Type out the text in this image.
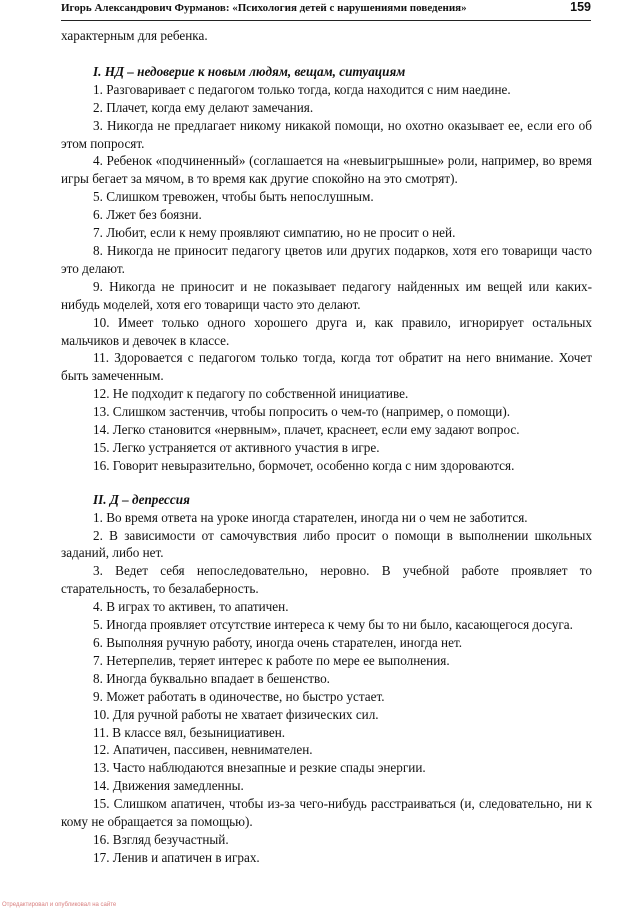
Игорь Александрович Фурманов: «Психология детей с нарушениями поведения»	159

характерным для ребенка.

I. НД – недоверие к новым людям, вещам, ситуациям

1. Разговаривает с педагогом только тогда, когда находится с ним наедине.

2. Плачет, когда ему делают замечания.

3. Никогда не предлагает никому никакой помощи, но охотно оказывает ее, если его об этом попросят.

4. Ребенок «подчиненный» (соглашается на «невыигрышные» роли, например, во время игры бегает за мячом, в то время как другие спокойно на это смотрят).

5. Слишком тревожен, чтобы быть непослушным.

6. Лжет без боязни.

7. Любит, если к нему проявляют симпатию, но не просит о ней.

8. Никогда не приносит педагогу цветов или других подарков, хотя его товарищи часто это делают.

9. Никогда не приносит и не показывает педагогу найденных им вещей или каких-нибудь моделей, хотя его товарищи часто это делают.

10. Имеет только одного хорошего друга и, как правило, игнорирует остальных мальчиков и девочек в классе.

11. Здоровается с педагогом только тогда, когда тот обратит на него внимание. Хочет быть замеченным.

12. Не подходит к педагогу по собственной инициативе.

13. Слишком застенчив, чтобы попросить о чем-то (например, о помощи).

14. Легко становится «нервным», плачет, краснеет, если ему задают вопрос.

15. Легко устраняется от активного участия в игре.

16. Говорит невыразительно, бормочет, особенно когда с ним здороваются.

II. Д – депрессия

1. Во время ответа на уроке иногда старателен, иногда ни о чем не заботится.

2. В зависимости от самочувствия либо просит о помощи в выполнении школьных заданий, либо нет.

3. Ведет себя непоследовательно, неровно. В учебной работе проявляет то старательность, то безалаберность.

4. В играх то активен, то апатичен.

5. Иногда проявляет отсутствие интереса к чему бы то ни было, касающегося досуга.

6. Выполняя ручную работу, иногда очень старателен, иногда нет.

7. Нетерпелив, теряет интерес к работе по мере ее выполнения.

8. Иногда буквально впадает в бешенство.

9. Может работать в одиночестве, но быстро устает.

10. Для ручной работы не хватает физических сил.

11. В классе вял, безынициативен.

12. Апатичен, пассивен, невнимателен.

13. Часто наблюдаются внезапные и резкие спады энергии.

14. Движения замедленны.

15. Слишком апатичен, чтобы из-за чего-нибудь расстраиваться (и, следовательно, ни к кому не обращается за помощью).

16. Взгляд безучастный.

17. Ленив и апатичен в играх.

Отредактировал и опубликовал на сайте
